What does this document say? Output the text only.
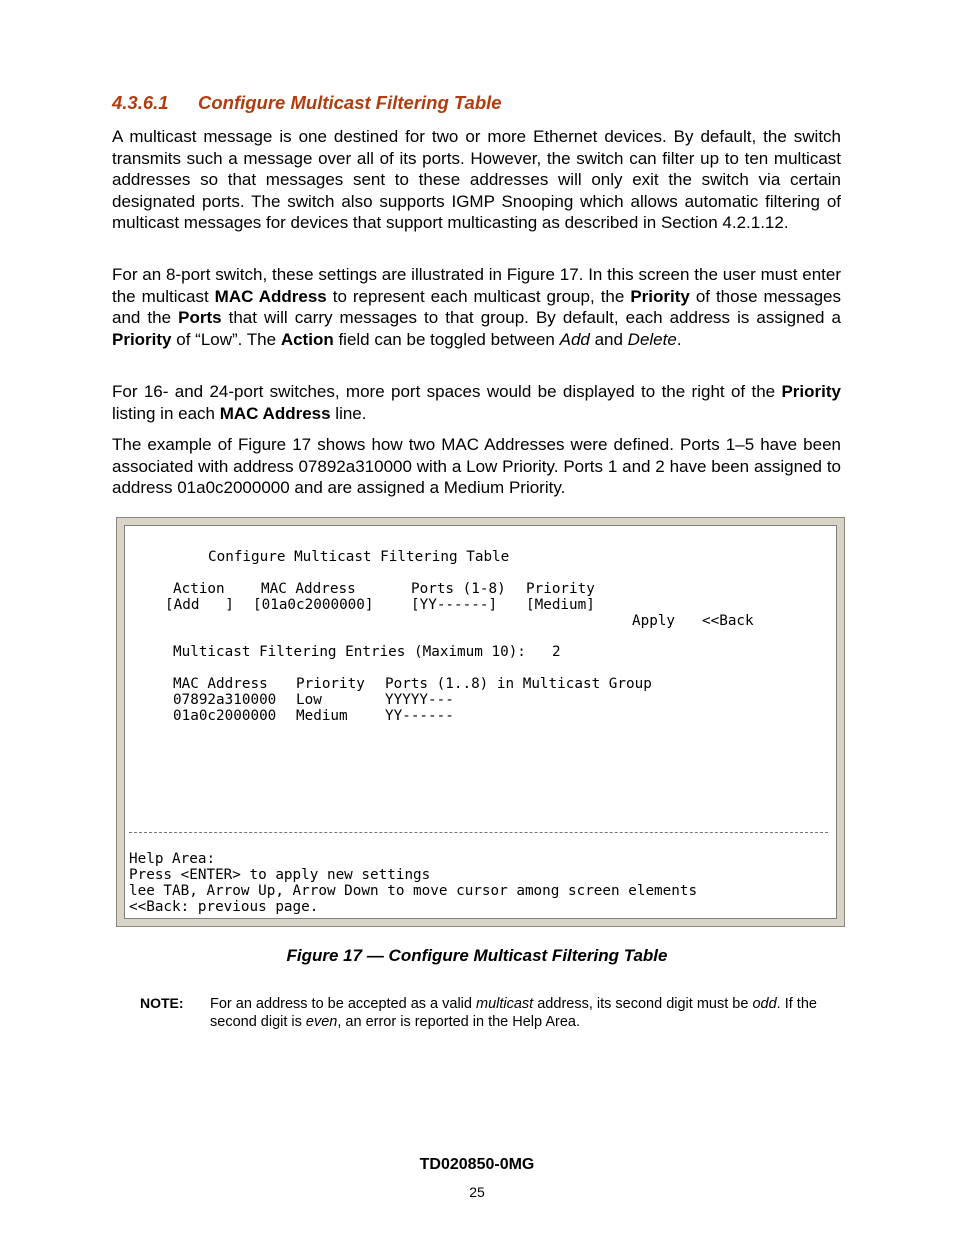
4.3.6.1 Configure Multicast Filtering Table

A multicast message is one destined for two or more Ethernet devices. By default, the switch transmits such a message over all of its ports. However, the switch can filter up to ten multicast addresses so that messages sent to these addresses will only exit the switch via certain designated ports. The switch also supports IGMP Snooping which allows automatic filtering of multicast messages for devices that support multicasting as described in Section 4.2.1.12.

For an 8-port switch, these settings are illustrated in Figure 17. In this screen the user must enter the multicast MAC Address to represent each multicast group, the Priority of those messages and the Ports that will carry messages to that group. By default, each address is assigned a Priority of “Low”. The Action field can be toggled between Add and Delete.

For 16- and 24-port switches, more port spaces would be displayed to the right of the Priority listing in each MAC Address line.

The example of Figure 17 shows how two MAC Addresses were defined. Ports 1–5 have been associated with address 07892a310000 with a Low Priority. Ports 1 and 2 have been assigned to address 01a0c2000000 and are assigned a Medium Priority.

Configure Multicast Filtering Table
Action	MAC Address	Ports (1-8) Priority
[Add   ] [01a0c2000000]	[YY------] [Medium]
Apply <<Back
Multicast Filtering Entries (Maximum 10): 2
MAC Address Priority Ports (1..8) in Multicast Group
07892a310000 Low	YYYYY---
01a0c2000000 Medium	YY------
Help Area:
Press <ENTER> to apply new settings
lee TAB, Arrow Up, Arrow Down to move cursor among screen elements
<<Back: previous page.
Figure 17 — Configure Multicast Filtering Table
NOTE: For an address to be accepted as a valid multicast address, its second digit must be odd. If the second digit is even, an error is reported in the Help Area.

TD020850-0MG
25
